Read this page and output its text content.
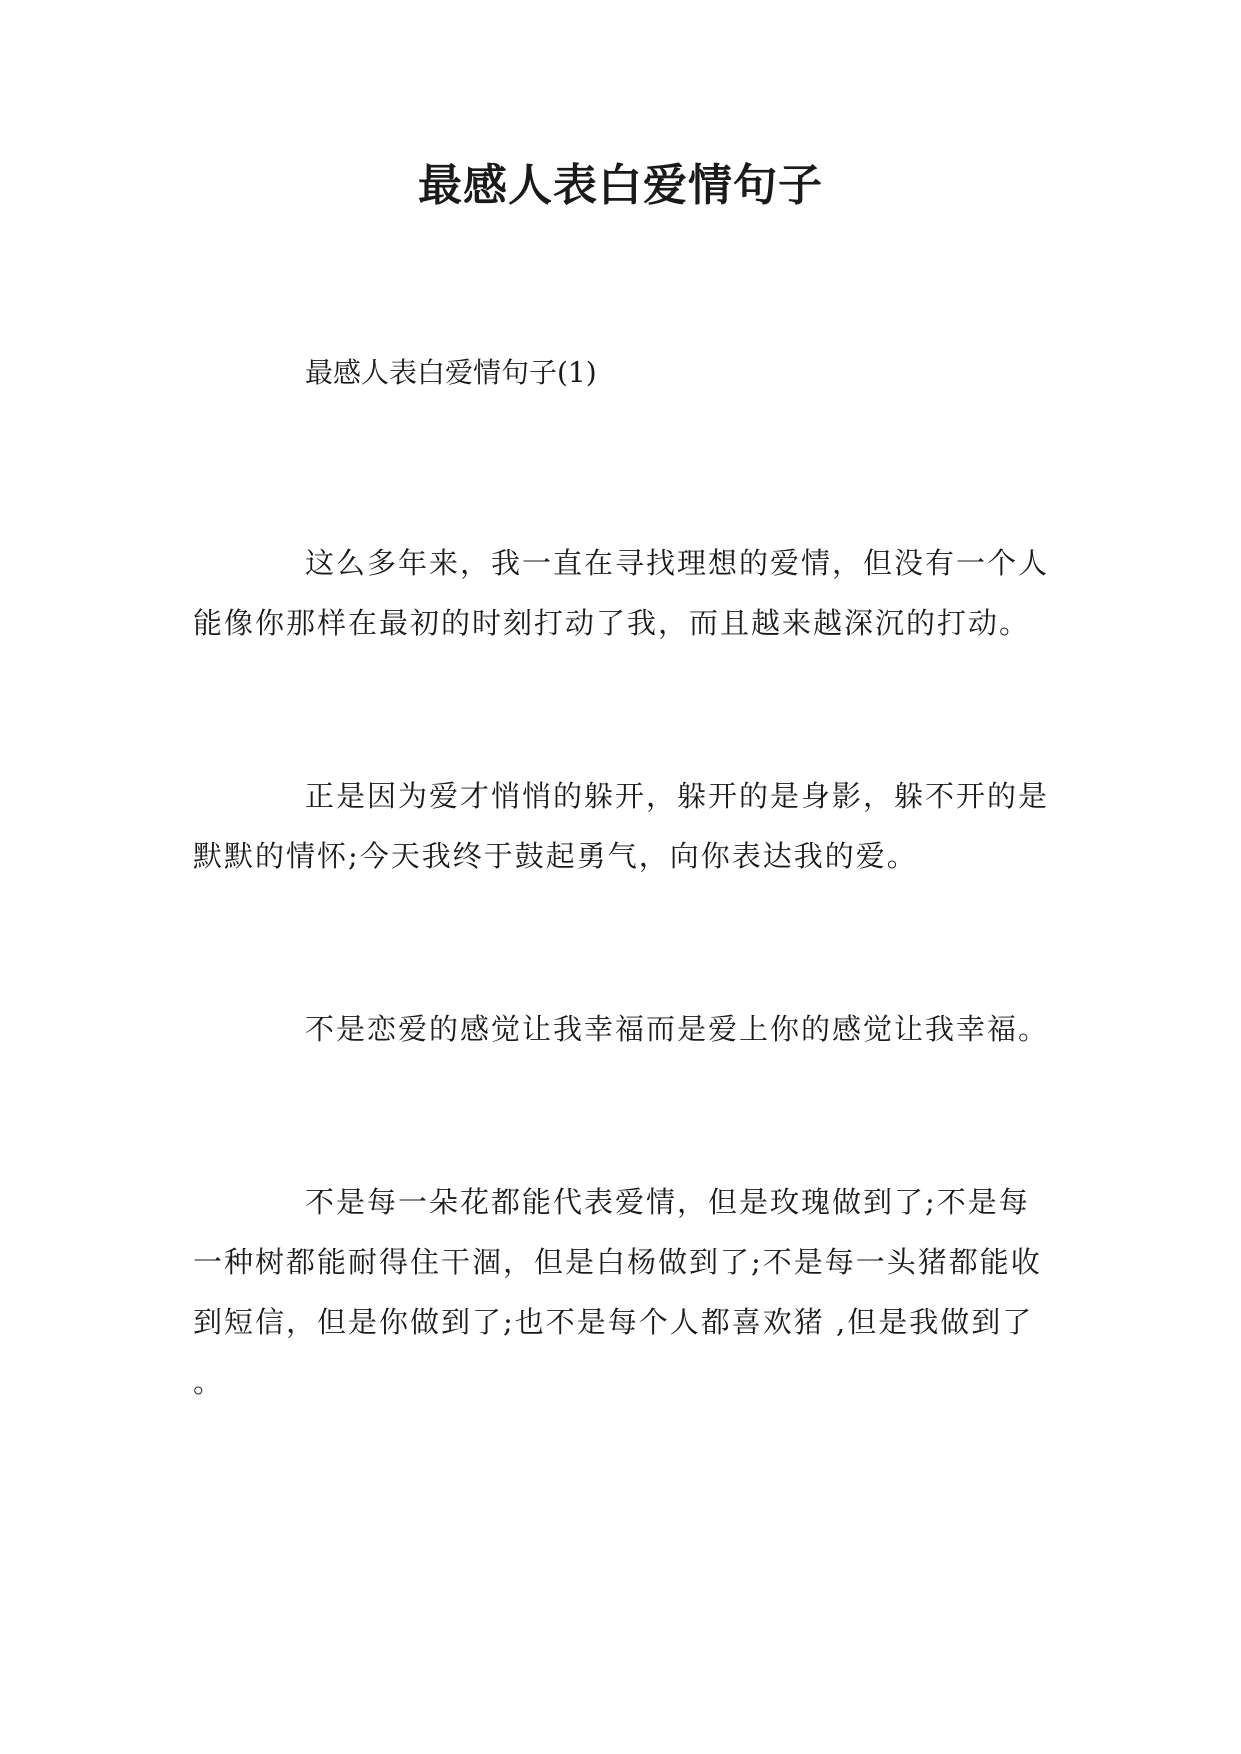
最感人表白爱情句子

最感人表白爱情句子(1)

这么多年来，我一直在寻找理想的爱情，但没有一个人能像你那样在最初的时刻打动了我，而且越来越深沉的打动。

正是因为爱才悄悄的躲开，躲开的是身影，躲不开的是默默的情怀;今天我终于鼓起勇气，向你表达我的爱。

不是恋爱的感觉让我幸福而是爱上你的感觉让我幸福。

不是每一朵花都能代表爱情，但是玫瑰做到了;不是每一种树都能耐得住干涸，但是白杨做到了;不是每一头猪都能收到短信，但是你做到了;也不是每个人都喜欢猪 ,但是我做到了 。
